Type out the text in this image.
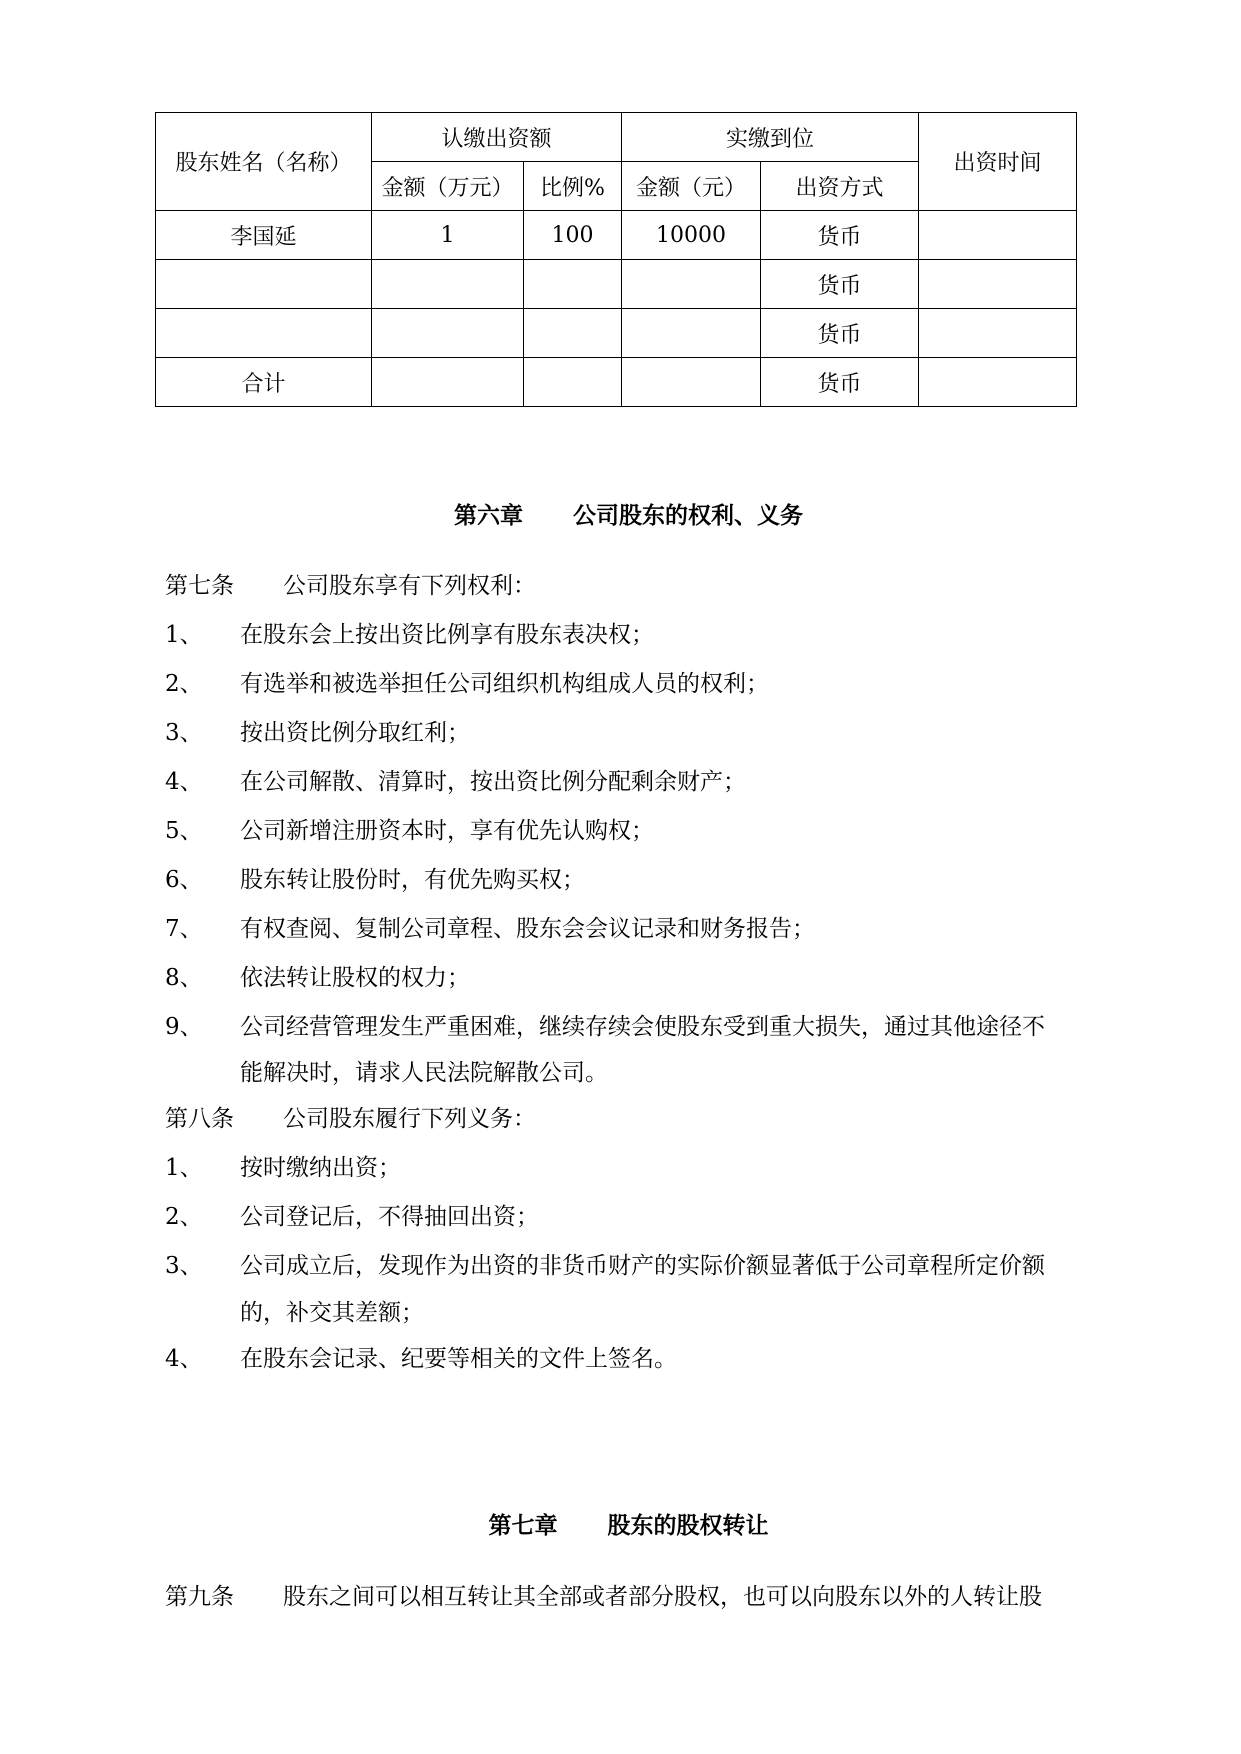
股东姓名（名称）	认缴出资额		实缴到位		出资时间
	金额（万元）	比例%	金额（元）	出资方式	
李国延	1	100	10000	货币	
				货币	
				货币	
合计				货币	

第六章 公司股东的权利、义务

第七条 公司股东享有下列权利：
1、 在股东会上按出资比例享有股东表决权；
2、 有选举和被选举担任公司组织机构组成人员的权利；
3、 按出资比例分取红利；
4、 在公司解散、清算时，按出资比例分配剩余财产；
5、 公司新增注册资本时，享有优先认购权；
6、 股东转让股份时，有优先购买权；
7、 有权查阅、复制公司章程、股东会会议记录和财务报告；
8、 依法转让股权的权力；
9、 公司经营管理发生严重困难，继续存续会使股东受到重大损失，通过其他途径不
能解决时，请求人民法院解散公司。
第八条 公司股东履行下列义务：
1、 按时缴纳出资；
2、 公司登记后，不得抽回出资；
3、 公司成立后，发现作为出资的非货币财产的实际价额显著低于公司章程所定价额
的，补交其差额；
4、 在股东会记录、纪要等相关的文件上签名。

第七章 股东的股权转让

第九条 股东之间可以相互转让其全部或者部分股权，也可以向股东以外的人转让股
